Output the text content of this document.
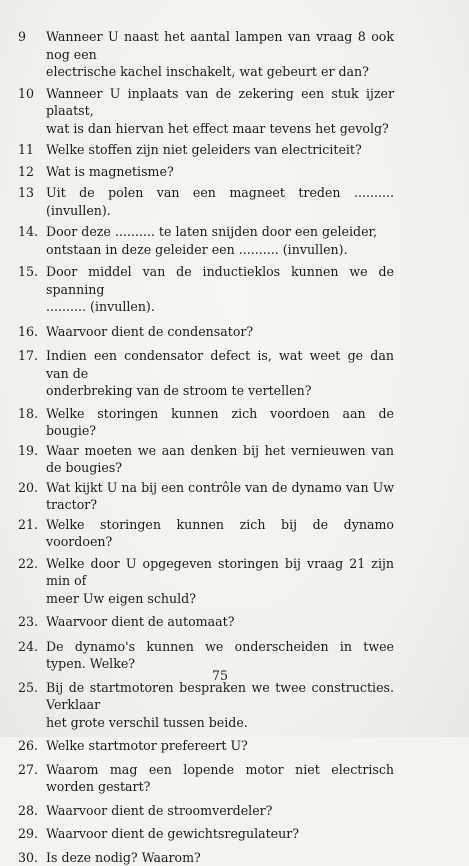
9	Wanneer U naast het aantal lampen van vraag 8 ook nog een
electrische kachel inschakelt, wat gebeurt er dan?
10 Wanneer U inplaats van de zekering een stuk ijzer plaatst,
wat is dan hiervan het effect maar tevens het gevolg?
11 Welke stoffen zijn niet geleiders van electriciteit?
12 Wat is magnetisme?
13 Uit de polen van een magneet treden .......... (invullen).
14. Door deze .......... te laten snijden door een geleider,
ontstaan in deze geleider een .......... (invullen).
15. Door middel van de inductieklos kunnen we de spanning
.......... (invullen).
16. Waarvoor dient de condensator?
17. Indien een condensator defect is, wat weet ge dan van de
onderbreking van de stroom te vertellen?
18. Welke storingen kunnen zich voordoen aan de bougie?
19. Waar moeten we aan denken bij het vernieuwen van de bougies?
20. Wat kijkt U na bij een contrôle van de dynamo van Uw tractor?
21. Welke storingen kunnen zich bij de dynamo voordoen?
22. Welke door U opgegeven storingen bij vraag 21 zijn min of
meer Uw eigen schuld?
23. Waarvoor dient de automaat?
24. De dynamo's kunnen we onderscheiden in twee typen. Welke?
25. Bij de startmotoren bespraken we twee constructies. Verklaar
het grote verschil tussen beide.
26. Welke startmotor prefereert U?
27. Waarom mag een lopende motor niet electrisch worden gestart?
28. Waarvoor dient de stroomverdeler?
29. Waarvoor dient de gewichtsregulateur?
30. Is deze nodig? Waarom?
75
